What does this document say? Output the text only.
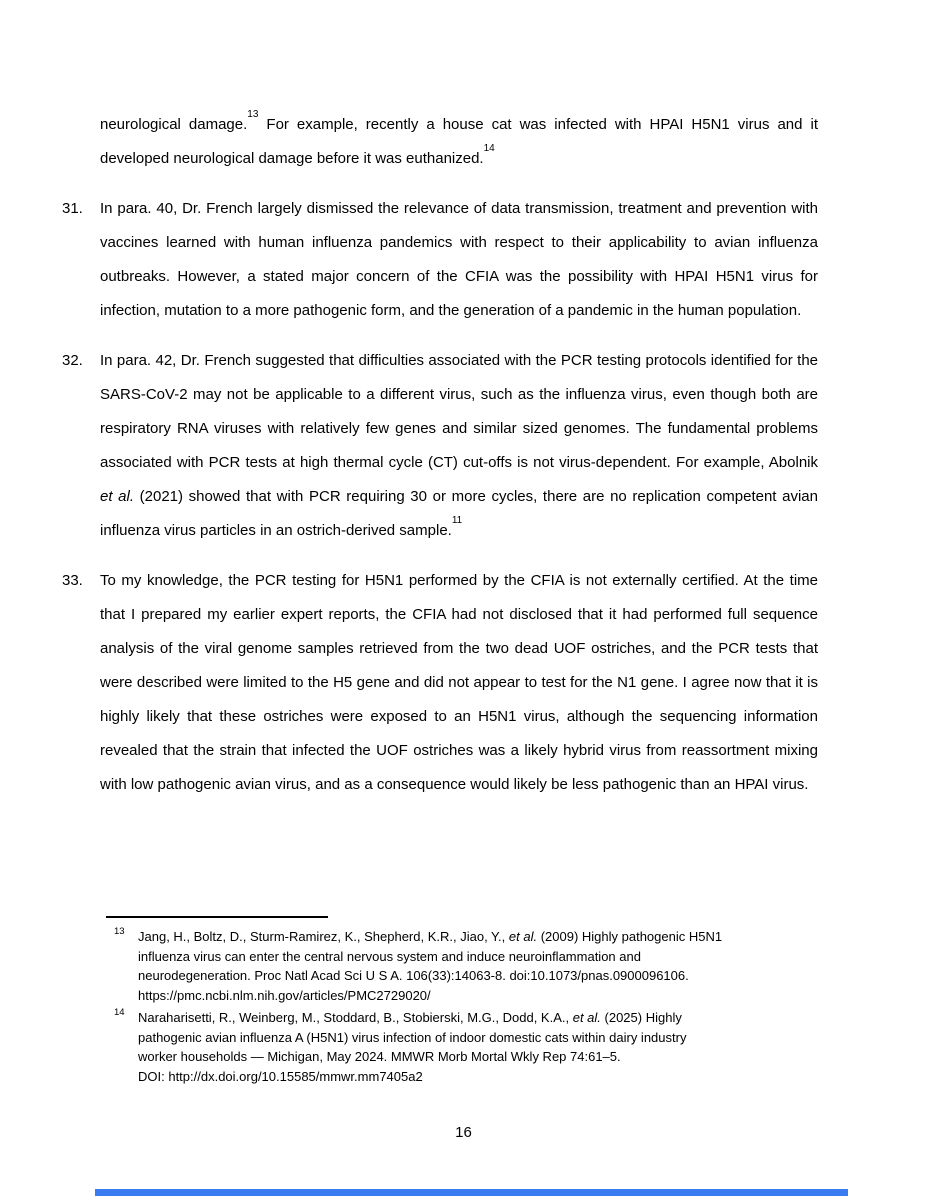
neurological damage.$^{13}$ For example, recently a house cat was infected with HPAI H5N1 virus and it developed neurological damage before it was euthanized.$^{14}$

31.	In para. 40, Dr. French largely dismissed the relevance of data transmission, treatment and prevention with vaccines learned with human influenza pandemics with respect to their applicability to avian influenza outbreaks. However, a stated major concern of the CFIA was the possibility with HPAI H5N1 virus for infection, mutation to a more pathogenic form, and the generation of a pandemic in the human population.

32.	In para. 42, Dr. French suggested that difficulties associated with the PCR testing protocols identified for the SARS-CoV-2 may not be applicable to a different virus, such as the influenza virus, even though both are respiratory RNA viruses with relatively few genes and similar sized genomes. The fundamental problems associated with PCR tests at high thermal cycle (CT) cut-offs is not virus-dependent. For example, Abolnik et al. (2021) showed that with PCR requiring 30 or more cycles, there are no replication competent avian influenza virus particles in an ostrich-derived sample.$^{11}$

33.	To my knowledge, the PCR testing for H5N1 performed by the CFIA is not externally certified. At the time that I prepared my earlier expert reports, the CFIA had not disclosed that it had performed full sequence analysis of the viral genome samples retrieved from the two dead UOF ostriches, and the PCR tests that were described were limited to the H5 gene and did not appear to test for the N1 gene. I agree now that it is highly likely that these ostriches were exposed to an H5N1 virus, although the sequencing information revealed that the strain that infected the UOF ostriches was a likely hybrid virus from reassortment mixing with low pathogenic avian virus, and as a consequence would likely be less pathogenic than an HPAI virus.

13 Jang, H., Boltz, D., Sturm-Ramirez, K., Shepherd, K.R., Jiao, Y., et al. (2009) Highly pathogenic H5N1
influenza virus can enter the central nervous system and induce neuroinflammation and
neurodegeneration. Proc Natl Acad Sci U S A. 106(33):14063-8. doi:10.1073/pnas.0900096106.
https://pmc.ncbi.nlm.nih.gov/articles/PMC2729020/
14 Naraharisetti, R., Weinberg, M., Stoddard, B., Stobierski, M.G., Dodd, K.A., et al. (2025) Highly
pathogenic avian influenza A (H5N1) virus infection of indoor domestic cats within dairy industry
worker households — Michigan, May 2024. MMWR Morb Mortal Wkly Rep 74:61–5.
DOI: http://dx.doi.org/10.15585/mmwr.mm7405a2
16
